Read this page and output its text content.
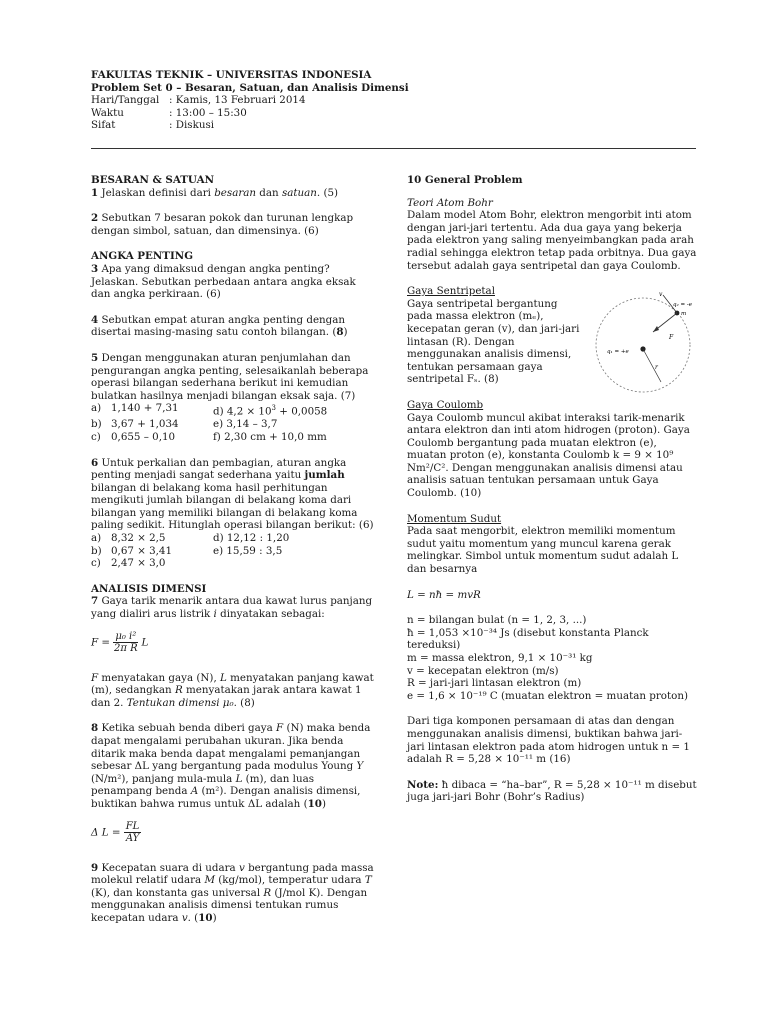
FAKULTAS TEKNIK – UNIVERSITAS INDONESIA
Problem Set 0 – Besaran, Satuan, dan Analisis Dimensi
Hari/Tanggal : Kamis, 13 Februari 2014
Waktu	: 13:00 – 15:30
Sifat	: Diskusi
BESARAN & SATUAN

1 Jelaskan definisi dari besaran dan satuan. (5)

2 Sebutkan 7 besaran pokok dan turunan lengkap dengan simbol, satuan, dan dimensinya. (6)

ANGKA PENTING

3 Apa yang dimaksud dengan angka penting? Jelaskan. Sebutkan perbedaan antara angka eksak dan angka perkiraan. (6)

4 Sebutkan empat aturan angka penting dengan disertai masing-masing satu contoh bilangan. (8)

5 Dengan menggunakan aturan penjumlahan dan pengurangan angka penting, selesaikanlah beberapa operasi bilangan sederhana berikut ini kemudian bulatkan hasilnya menjadi bilangan eksak saja. (7)

a) 1,140 + 7,31	d) $4,2 \times 10^3 + 0,0058$
b) 3,67 + 1,034	e) 3,14 – 3,7
c) 0,655 – 0,10	f) 2,30 cm + 10,0 mm

6 Untuk perkalian dan pembagian, aturan angka penting menjadi sangat sederhana yaitu jumlah bilangan di belakang koma hasil perhitungan mengikuti jumlah bilangan di belakang koma dari bilangan yang memiliki bilangan di belakang koma paling sedikit. Hitunglah operasi bilangan berikut: (6)

a) 8,32 × 2,5	d) 12,12 : 1,20
b) 0,67 × 3,41	e) 15,59 : 3,5
c) 2,47 × 3,0
ANALISIS DIMENSI

7 Gaya tarik menarik antara dua kawat lurus panjang yang dialiri arus listrik i dinyatakan sebagai:

$F = \frac{\text{μ₀ i²}}{\text{2π R}}$ L

F menyatakan gaya (N), L menyatakan panjang kawat (m), sedangkan R menyatakan jarak antara kawat 1 dan 2. Tentukan dimensi μ₀. (8)

8 Ketika sebuah benda diberi gaya F (N) maka benda dapat mengalami perubahan ukuran. Jika benda ditarik maka benda dapat mengalami pemanjangan sebesar ΔL yang bergantung pada modulus Young Y (N/m²), panjang mula-mula L (m), dan luas penampang benda A (m²). Dengan analisis dimensi, buktikan bahwa rumus untuk ΔL adalah (10)

Δ $L = \frac{FL}{AY}$

9 Kecepatan suara di udara v bergantung pada massa molekul relatif udara M (kg/mol), temperatur udara T (K), dan konstanta gas universal R (J/mol K). Dengan menggunakan analisis dimensi tentukan rumus kecepatan udara v. (10)

10 General Problem

Teori Atom Bohr

Dalam model Atom Bohr, elektron mengorbit inti atom dengan jari-jari tertentu. Ada dua gaya yang bekerja pada elektron yang saling menyeimbangkan pada arah radial sehingga elektron tetap pada orbitnya. Dua gaya tersebut adalah gaya sentripetal dan gaya Coulomb.

Gaya Sentripetal

Gaya sentripetal bergantung pada massa elektron (mₑ), kecepatan geran (v), dan jari-jari lintasan (R). Dengan menggunakan analisis dimensi, tentukan persamaan gaya sentripetal Fₛ. (8)

Gaya Coulomb

Gaya Coulomb muncul akibat interaksi tarik-menarik antara elektron dan inti atom hidrogen (proton). Gaya Coulomb bergantung pada muatan elektron (e), muatan proton (e), konstanta Coulomb k = 9 × 10⁹ Nm²/C². Dengan menggunakan analisis dimensi atau analisis satuan tentukan persamaan untuk Gaya Coulomb. (10)

Momentum Sudut

Pada saat mengorbit, elektron memiliki momentum sudut yaitu momentum yang muncul karena gerak melingkar. Simbol untuk momentum sudut adalah L dan besarnya

L = nħ = mvR

n = bilangan bulat (n = 1, 2, 3, ...)
ħ = 1,053 ×10⁻³⁴ Js (disebut konstanta Planck tereduksi)
m = massa elektron, 9,1 × 10⁻³¹ kg
v = kecepatan elektron (m/s)
R = jari-jari lintasan elektron (m)
e = 1,6 × 10⁻¹⁹ C (muatan elektron = muatan proton)

Dari tiga komponen persamaan di atas dan dengan menggunakan analisis dimensi, buktikan bahwa jari-jari lintasan elektron pada atom hidrogen untuk n = 1 adalah R = 5,28 × 10⁻¹¹ m (16)

Note: ħ dibaca = “ha–bar”, R = 5,28 × 10⁻¹¹ m disebut juga jari-jari Bohr (Bohr’s Radius)

v
q₂ = -e
m
F
q₁ = +e
r
